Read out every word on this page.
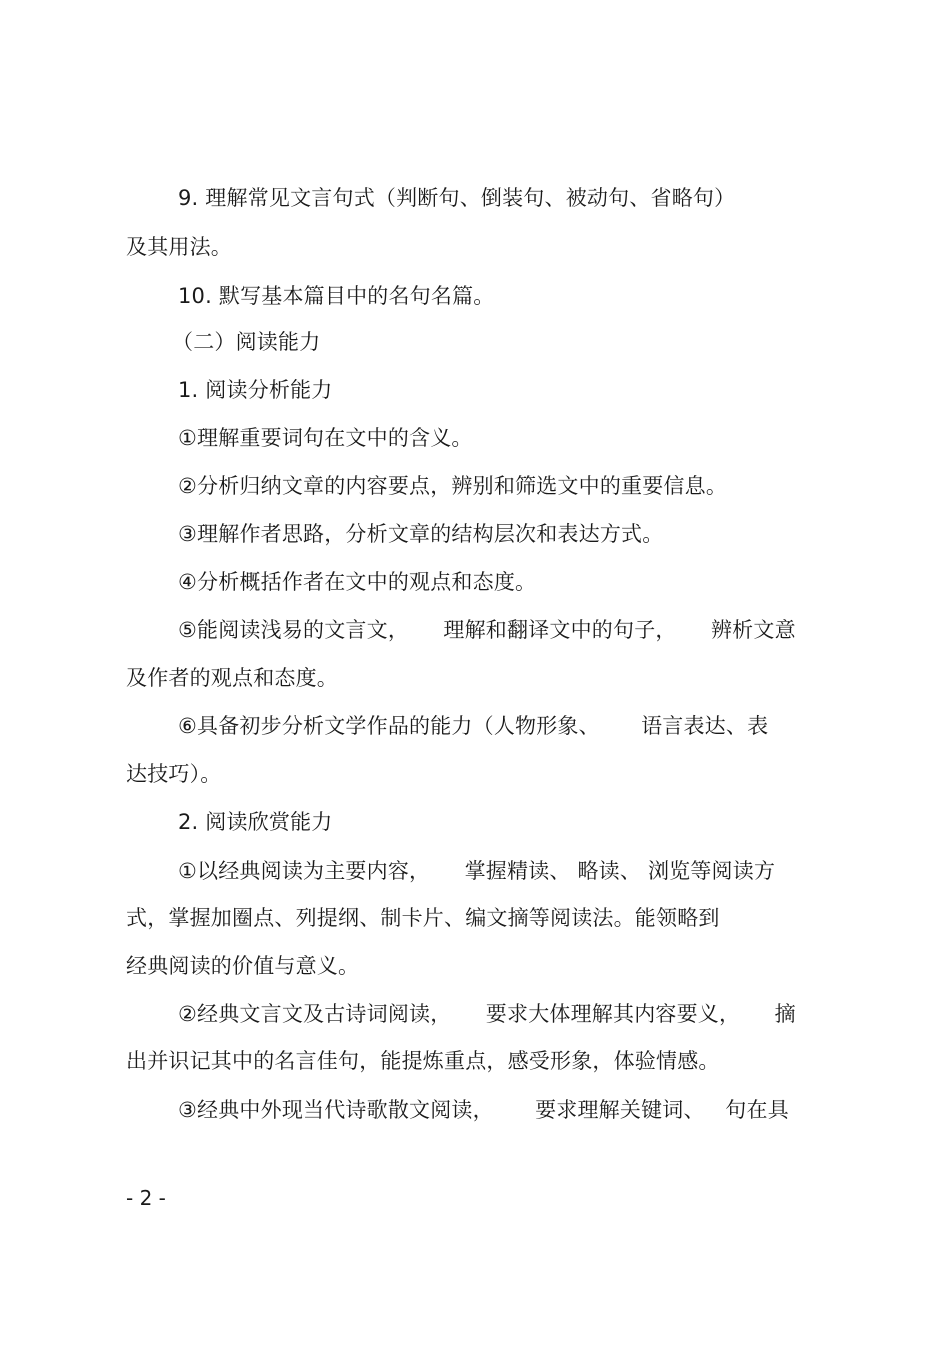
9. 理解常见文言句式（判断句、倒装句、被动句、省略句）
及其用法。
10. 默写基本篇目中的名句名篇。
（二）阅读能力
1. 阅读分析能力
①理解重要词句在文中的含义。
②分析归纳文章的内容要点，辨别和筛选文中的重要信息。
③理解作者思路，分析文章的结构层次和表达方式。
④分析概括作者在文中的观点和态度。
⑤能阅读浅易的文言文，     理解和翻译文中的句子，     辨析文意
及作者的观点和态度。
⑥具备初步分析文学作品的能力（人物形象、      语言表达、表
达技巧）。
2. 阅读欣赏能力
①以经典阅读为主要内容，     掌握精读、 略读、 浏览等阅读方
式，掌握加圈点、列提纲、制卡片、编文摘等阅读法。能领略到
经典阅读的价值与意义。
②经典文言文及古诗词阅读，     要求大体理解其内容要义，     摘
出并识记其中的名言佳句，能提炼重点，感受形象，体验情感。
③经典中外现当代诗歌散文阅读，      要求理解关键词、   句在具
- 2 -
